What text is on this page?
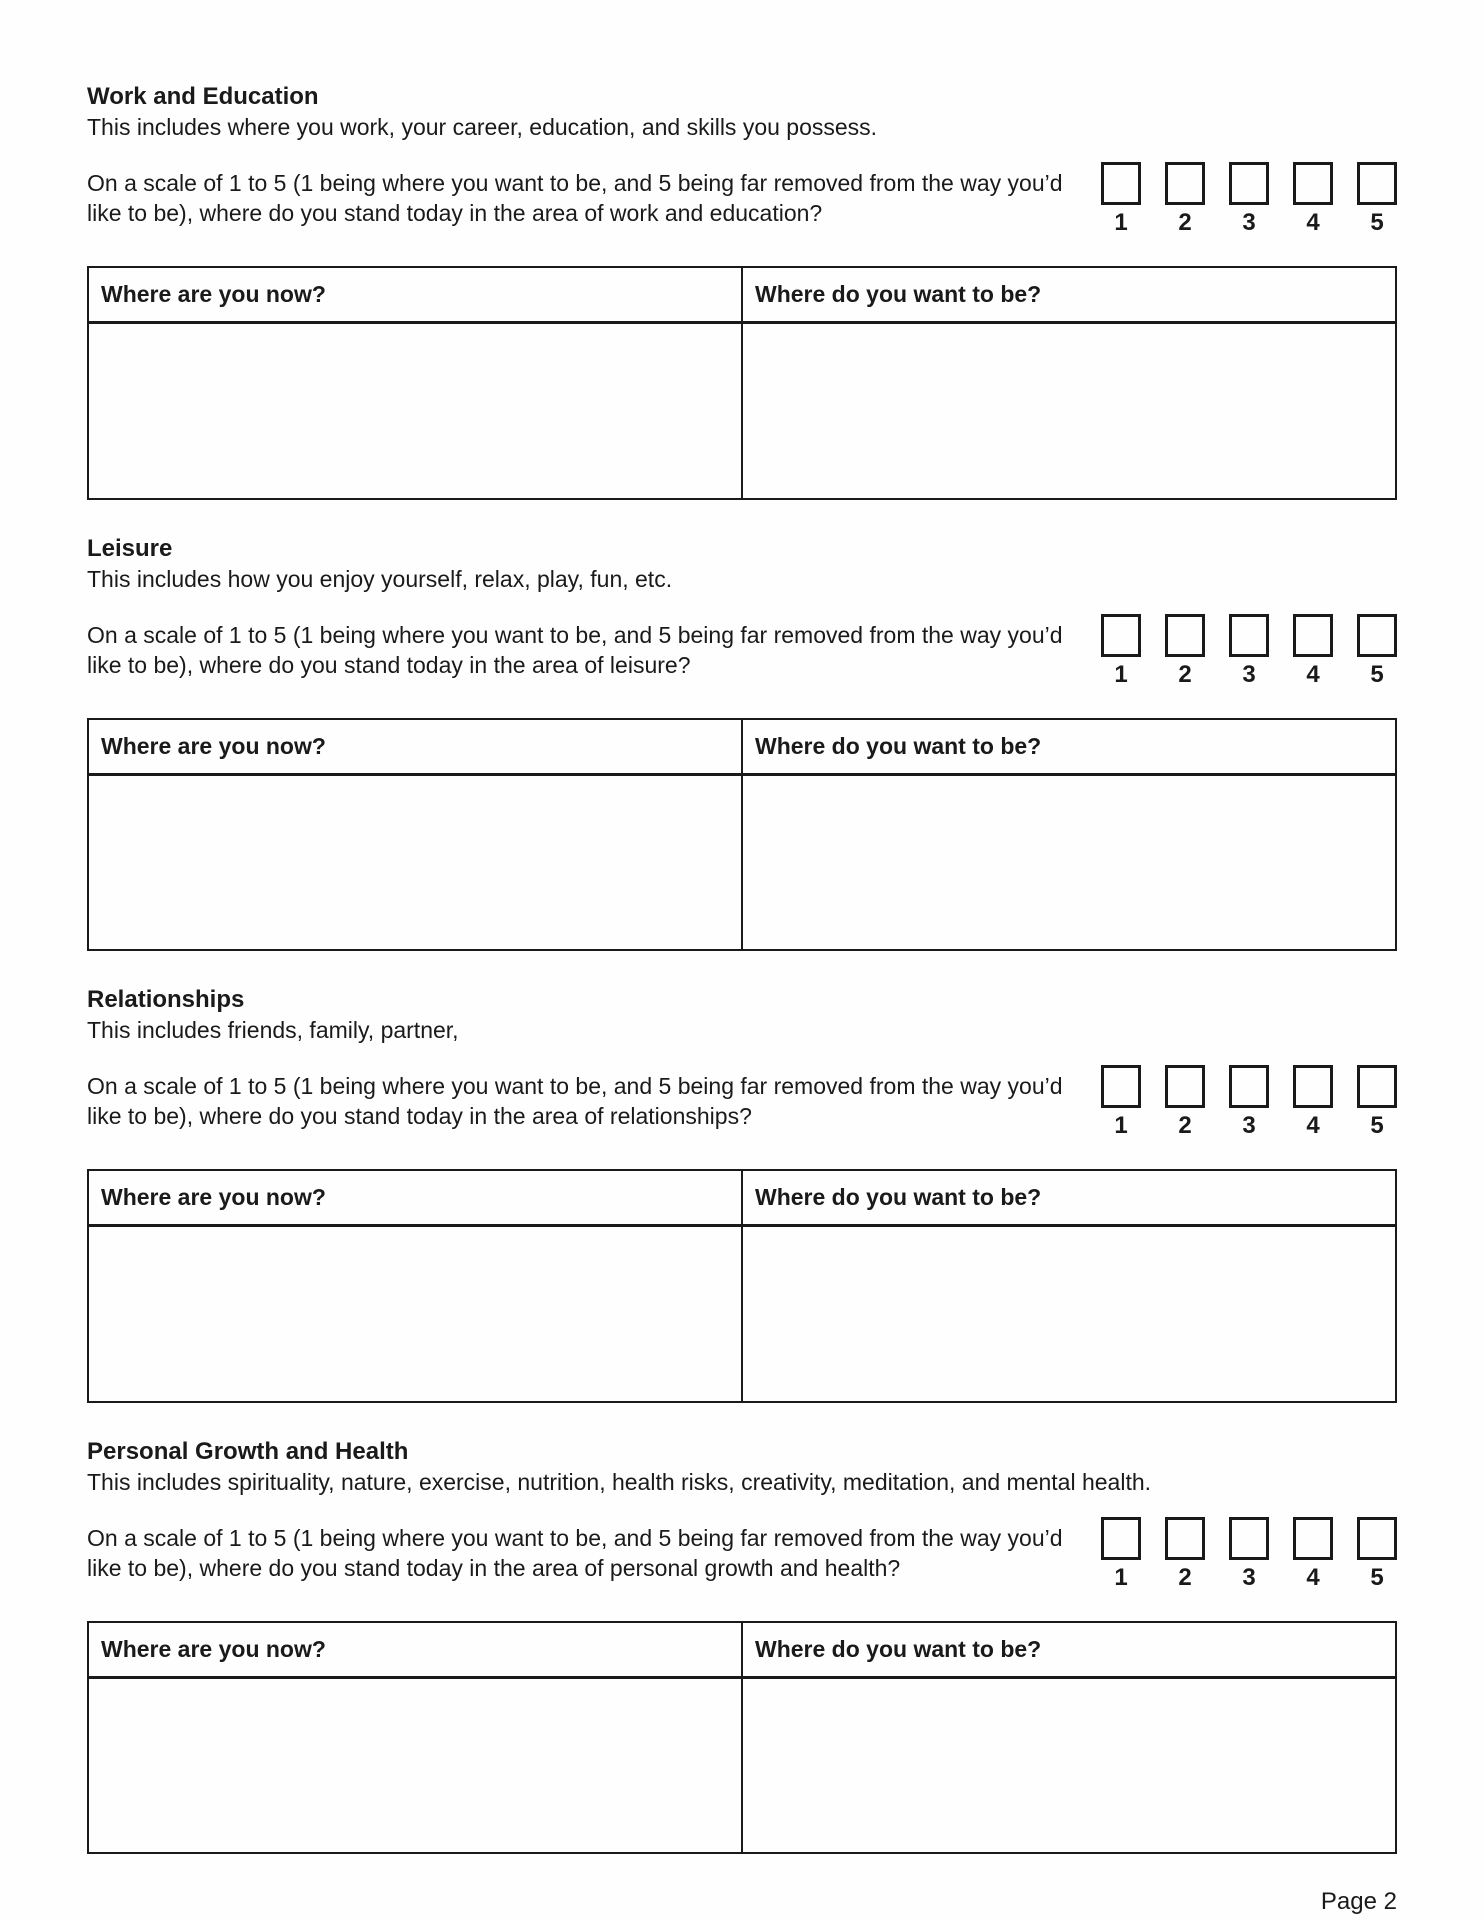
Work and Education

This includes where you work, your career, education, and skills you possess.

On a scale of 1 to 5 (1 being where you want to be, and 5 being far removed from the way you’d like to be), where do you stand today in the area of work and education?	1 2 3 4 5
Where are you now?	Where do you want to be?

Leisure

This includes how you enjoy yourself, relax, play, fun, etc.

On a scale of 1 to 5 (1 being where you want to be, and 5 being far removed from the way you’d like to be), where do you stand today in the area of leisure?	1 2 3 4 5
Where are you now?	Where do you want to be?

Relationships

This includes friends, family, partner,

On a scale of 1 to 5 (1 being where you want to be, and 5 being far removed from the way you’d like to be), where do you stand today in the area of relationships?	1 2 3 4 5
Where are you now?	Where do you want to be?

Personal Growth and Health

This includes spirituality, nature, exercise, nutrition, health risks, creativity, meditation, and mental health.

On a scale of 1 to 5 (1 being where you want to be, and 5 being far removed from the way you’d like to be), where do you stand today in the area of personal growth and health?	1 2 3 4 5
Where are you now?	Where do you want to be?

Page 2
